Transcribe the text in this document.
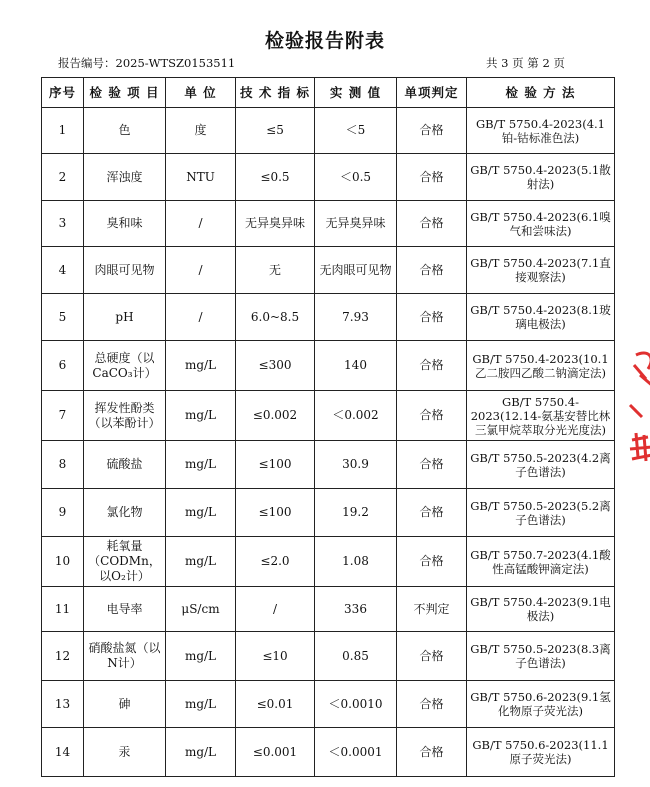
检验报告附表
报告编号：2025-WTSZ0153511	共 3 页 第 2 页
序号	检 验 项 目	单 位	技 术 指 标	实 测 值	单项判定	检 验 方 法
1	色	度	≤5	＜5	合格	GB/T 5750.4-2023(4.1铂-钴标准色法)
2	浑浊度	NTU	≤0.5	＜0.5	合格	GB/T 5750.4-2023(5.1散射法)
3	臭和味	/	无异臭异味	无异臭异味	合格	GB/T 5750.4-2023(6.1嗅气和尝味法)
4	肉眼可见物	/	无	无肉眼可见物	合格	GB/T 5750.4-2023(7.1直接观察法)
5	pH	/	6.0~8.5	7.93	合格	GB/T 5750.4-2023(8.1玻璃电极法)
6	总硬度（以CaCO₃计）	mg/L	≤300	140	合格	GB/T 5750.4-2023(10.1乙二胺四乙酸二钠滴定法)
7	挥发性酚类（以苯酚计）	mg/L	≤0.002	＜0.002	合格	GB/T 5750.4-2023(12.14-氨基安替比林三氯甲烷萃取分光光度法)
8	硫酸盐	mg/L	≤100	30.9	合格	GB/T 5750.5-2023(4.2离子色谱法)
9	氯化物	mg/L	≤100	19.2	合格	GB/T 5750.5-2023(5.2离子色谱法)
10	耗氧量（CODMn，以O₂计）	mg/L	≤2.0	1.08	合格	GB/T 5750.7-2023(4.1酸性高锰酸钾滴定法)
11	电导率	μS/cm	/	336	不判定	GB/T 5750.4-2023(9.1电极法)
12	硝酸盐氮（以N计）	mg/L	≤10	0.85	合格	GB/T 5750.5-2023(8.3离子色谱法)
13	砷	mg/L	≤0.01	＜0.0010	合格	GB/T 5750.6-2023(9.1氢化物原子荧光法)
14	汞	mg/L	≤0.001	＜0.0001	合格	GB/T 5750.6-2023(11.1原子荧光法)
